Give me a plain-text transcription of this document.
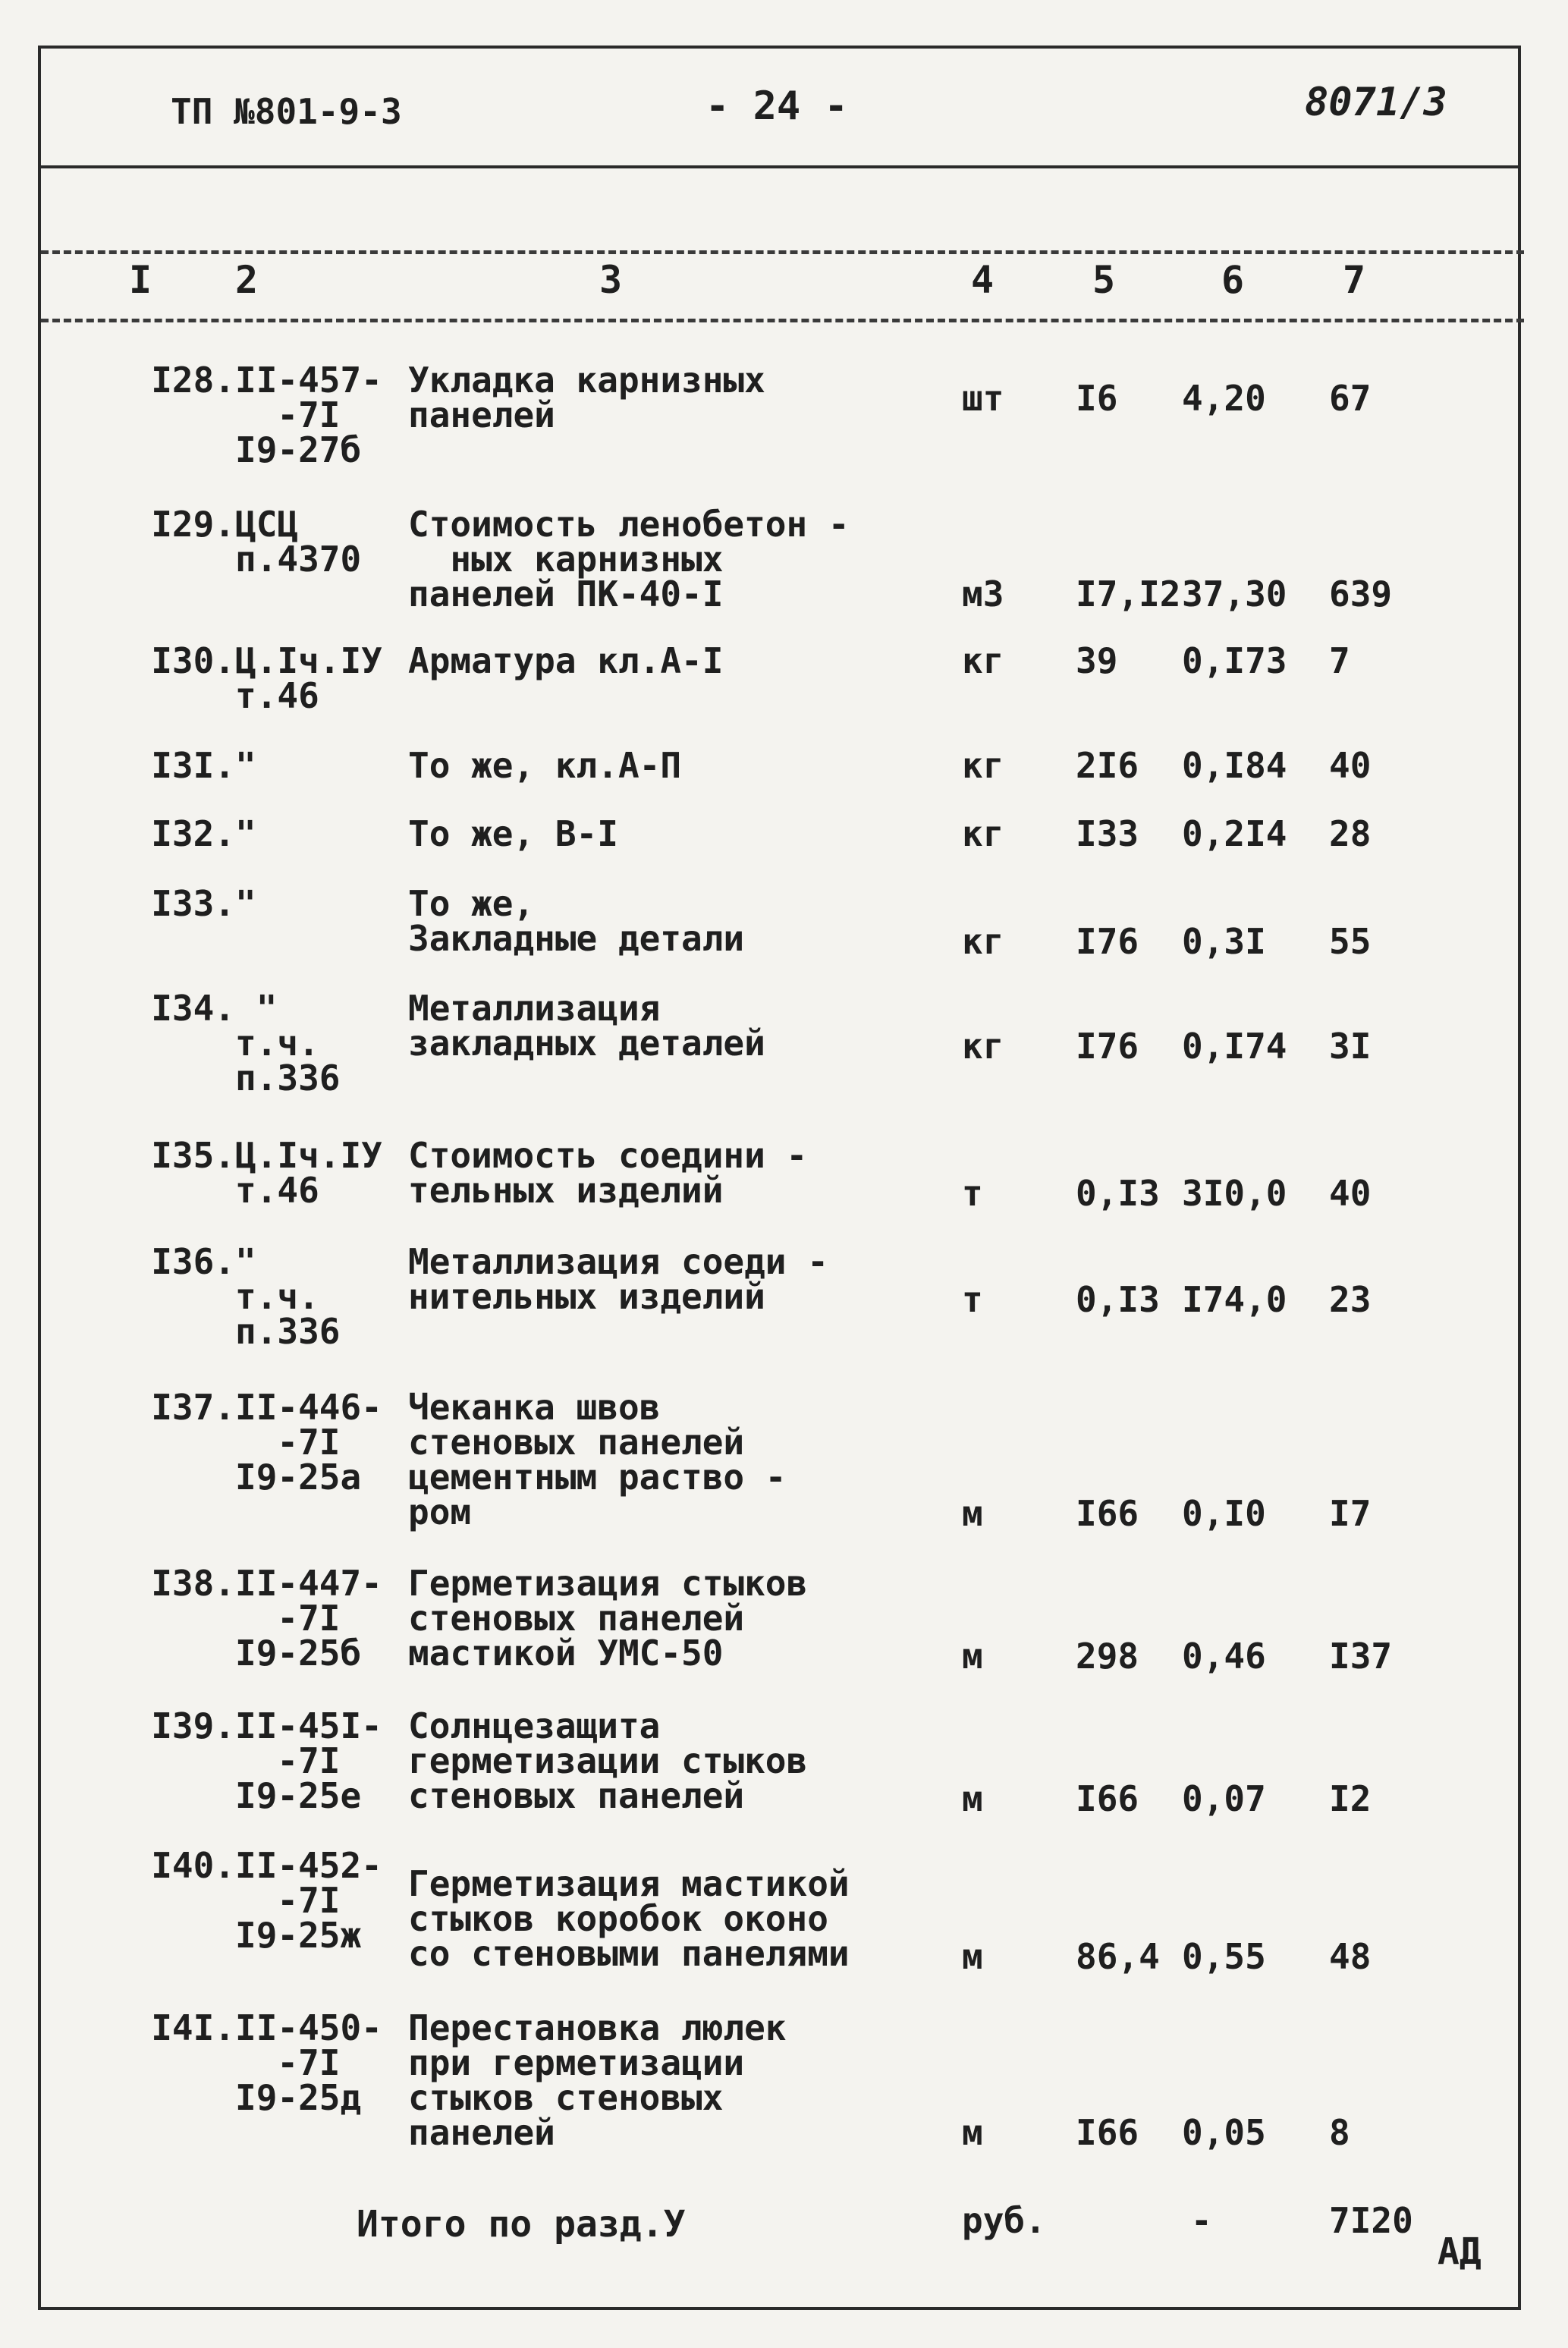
ТП №801-9-3	- 24 -	8071/3
I 2	3	4	5	6	7
I28. II-457-
-7I
I9-27б
Укладка карнизных
панелей	шт I6 4,20 67
I29. ЦСЦ
п.4370
Стоимость ленобетон -
ных карнизных
панелей ПК-40-I	м3 I7,I2 37,30 639
I30. Ц.Iч.IУ
т.46
Арматура кл.А-I	кг 39 0,I73 7
I3I. "	То же, кл.А-П	кг 2I6 0,I84 40
I32. "	То же, В-I	кг I33 0,2I4 28
I33. "	То же,
Закладные детали	кг I76 0,3I 55
I34. "
т.ч.
п.336
Металлизация
закладных деталей	кг I76 0,I74 3I
I35. Ц.Iч.IУ
т.46
Стоимость соедини -
тельных изделий	т	0,I3 3I0,0 40
I36. "
т.ч.
п.336
Металлизация соеди -
нительных изделий	т	0,I3 I74,0 23
I37. II-446-
-7I
I9-25а
Чеканка швов
стеновых панелей
цементным раство -
ром	м	I66 0,I0 I7
I38. II-447-
-7I
I9-25б
Герметизация стыков
стеновых панелей
мастикой УМС-50	м	298 0,46 I37
I39. II-45I-
-7I
I9-25е
Солнцезащита
герметизации стыков
стеновых панелей	м	I66 0,07 I2
I40. II-452-
-7I
I9-25ж
Герметизация мастикой
стыков коробок оконо
со стеновыми панелями	м	86,4 0,55 48
I4I. II-450-
-7I
I9-25д
Перестановка люлек
при герметизации
стыков стеновых
панелей	м	I66 0,05 8
Итого по разд.У	руб.	-	7I20
АД
